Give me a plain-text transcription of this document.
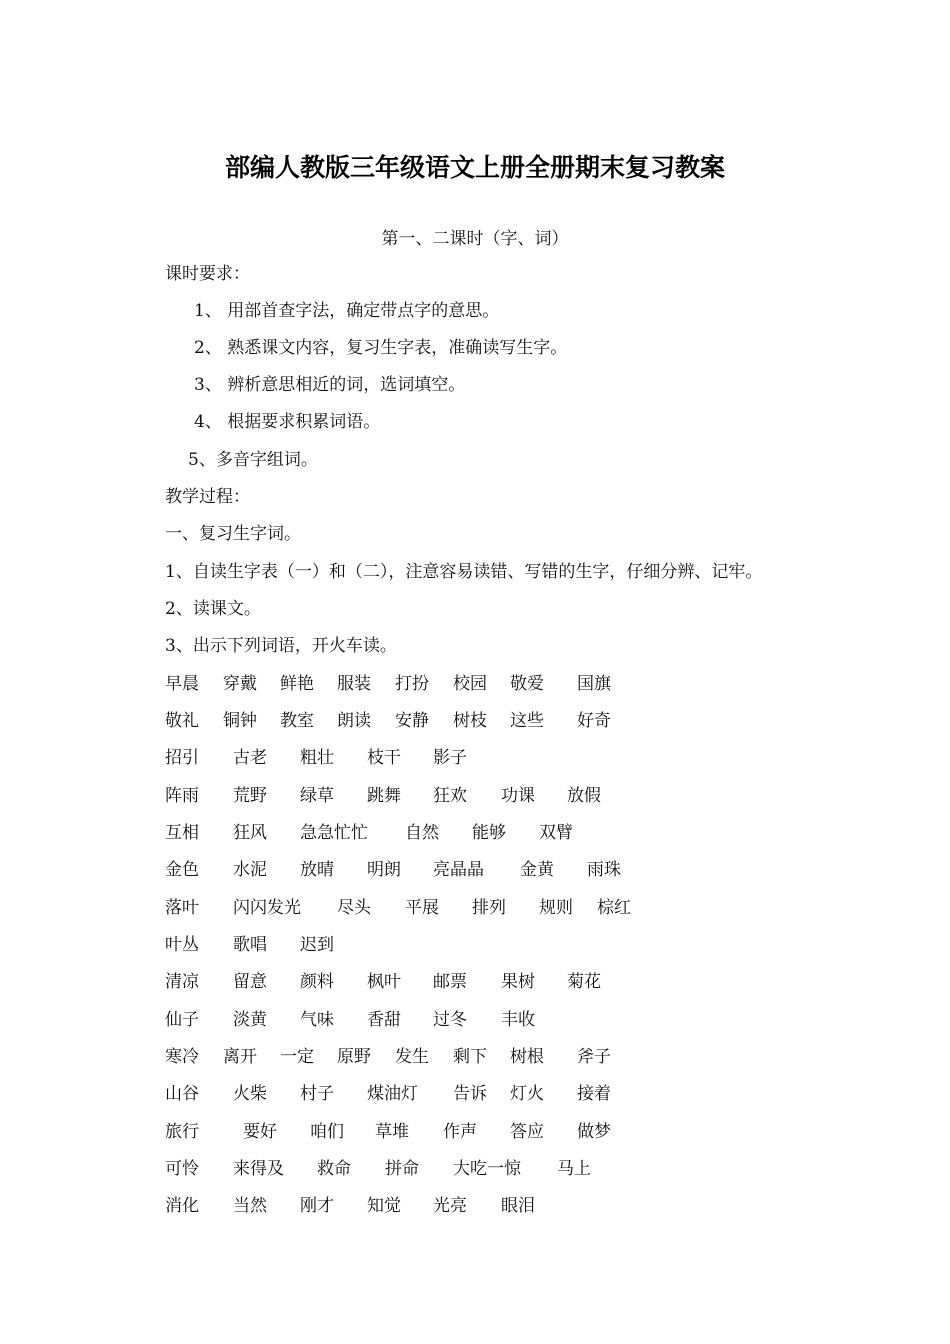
部编人教版三年级语文上册全册期末复习教案
第一、二课时（字、词）
课时要求：
1、 用部首查字法，确定带点字的意思。
2、 熟悉课文内容，复习生字表，准确读写生字。
3、 辨析意思相近的词，选词填空。
4、 根据要求积累词语。
5、多音字组词。
教学过程：
一、复习生字词。
1、自读生字表（一）和（二），注意容易读错、写错的生字，仔细分辨、记牢。
2、读课文。
3、出示下列词语，开火车读。
早晨 穿戴 鲜艳 服装 打扮 校园 敬爱 国旗
敬礼 铜钟 教室 朗读 安静 树枝 这些 好奇
招引 古老 粗壮 枝干 影子
阵雨 荒野 绿草 跳舞 狂欢 功课 放假
互相 狂风 急急忙忙 自然 能够 双臂
金色 水泥 放晴 明朗 亮晶晶 金黄 雨珠
落叶 闪闪发光 尽头 平展 排列 规则 棕红
叶丛 歌唱 迟到
清凉 留意 颜料 枫叶 邮票 果树 菊花
仙子 淡黄 气味 香甜 过冬 丰收
寒冷 离开 一定 原野 发生 剩下 树根 斧子
山谷 火柴 村子 煤油灯 告诉 灯火 接着
旅行	要好 咱们 草堆 作声 答应 做梦
可怜 来得及 救命 拼命 大吃一惊 马上
消化 当然 刚才 知觉 光亮 眼泪
